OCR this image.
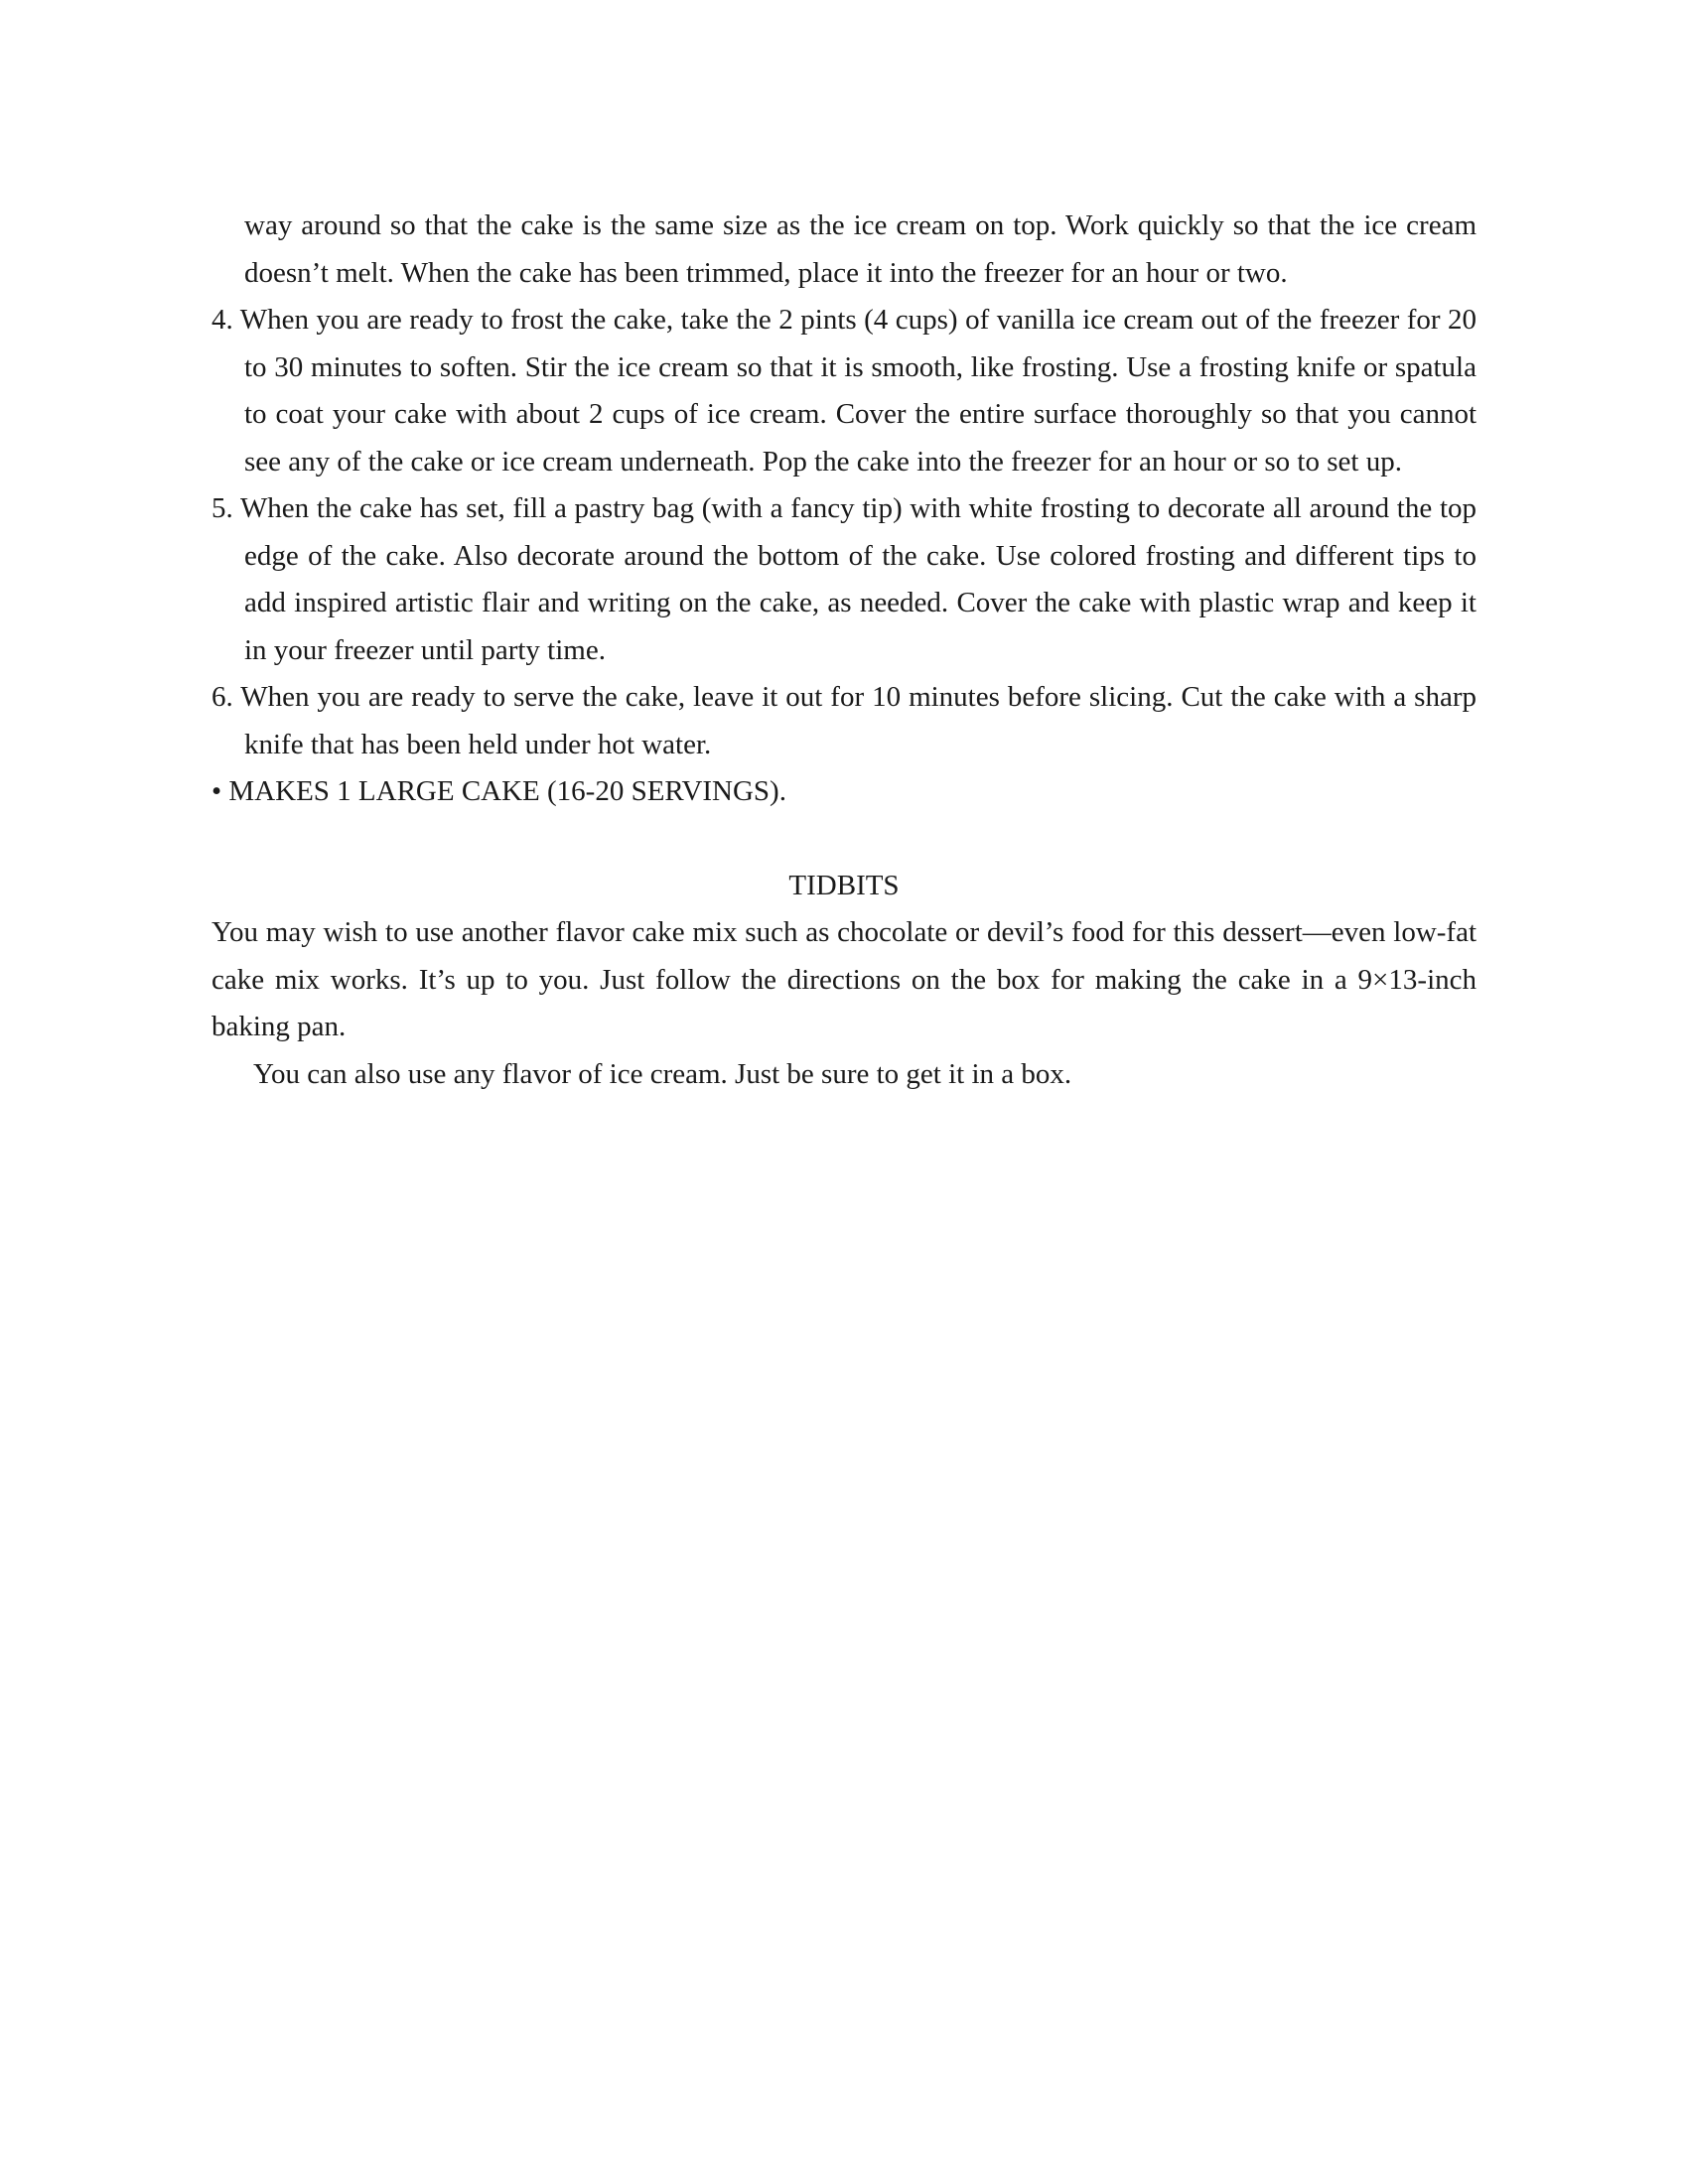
way around so that the cake is the same size as the ice cream on top. Work quickly so that the ice cream doesn’t melt. When the cake has been trimmed, place it into the freezer for an hour or two.

4. When you are ready to frost the cake, take the 2 pints (4 cups) of vanilla ice cream out of the freezer for 20 to 30 minutes to soften. Stir the ice cream so that it is smooth, like frosting. Use a frosting knife or spatula to coat your cake with about 2 cups of ice cream. Cover the entire surface thoroughly so that you cannot see any of the cake or ice cream underneath. Pop the cake into the freezer for an hour or so to set up.

5. When the cake has set, fill a pastry bag (with a fancy tip) with white frosting to decorate all around the top edge of the cake. Also decorate around the bottom of the cake. Use colored frosting and different tips to add inspired artistic flair and writing on the cake, as needed. Cover the cake with plastic wrap and keep it in your freezer until party time.

6. When you are ready to serve the cake, leave it out for 10 minutes before slicing. Cut the cake with a sharp knife that has been held under hot water.

• MAKES 1 LARGE CAKE (16-20 SERVINGS).

TIDBITS

You may wish to use another flavor cake mix such as chocolate or devil’s food for this dessert—even low-fat cake mix works. It’s up to you. Just follow the directions on the box for making the cake in a 9×13-inch baking pan.

You can also use any flavor of ice cream. Just be sure to get it in a box.
